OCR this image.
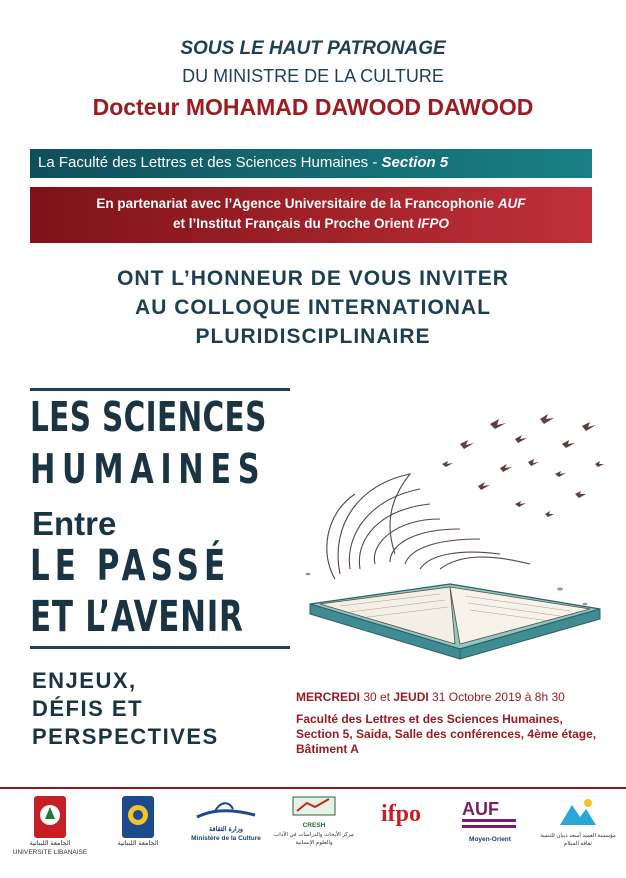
SOUS LE HAUT PATRONAGE
DU MINISTRE DE LA CULTURE
Docteur MOHAMAD DAWOOD DAWOOD
La Faculté des Lettres et des Sciences Humaines - Section 5
En partenariat avec l’Agence Universitaire de la Francophonie AUF
et l’Institut Français du Proche Orient IFPO
ONT L’HONNEUR DE VOUS INVITER
AU COLLOQUE INTERNATIONAL
PLURIDISCIPLINAIRE
LES SCIENCES
HUMAINES
Entre
LE PASSÉ
ET L’AVENIR
ENJEUX,
DÉFIS ET
PERSPECTIVES
MERCREDI 30 et JEUDI 31 Octobre 2019 à 8h 30
Faculté des Lettres et des Sciences Humaines, Section 5, Saida, Salle des conférences, 4ème étage, Bâtiment A
الجامعة اللبنانية
UNIVERSITE LIBANAISE
الجامعة اللبنانية
وزارة الثقافة
Ministère de la Culture
CRESH
مركز الأبحاث والدراسات في الآداب والعلوم الإنسانية
ifpo AUF
Moyen-Orient	مؤسسة العميد أسعد ديبان للتنمية ثقافة السلام
